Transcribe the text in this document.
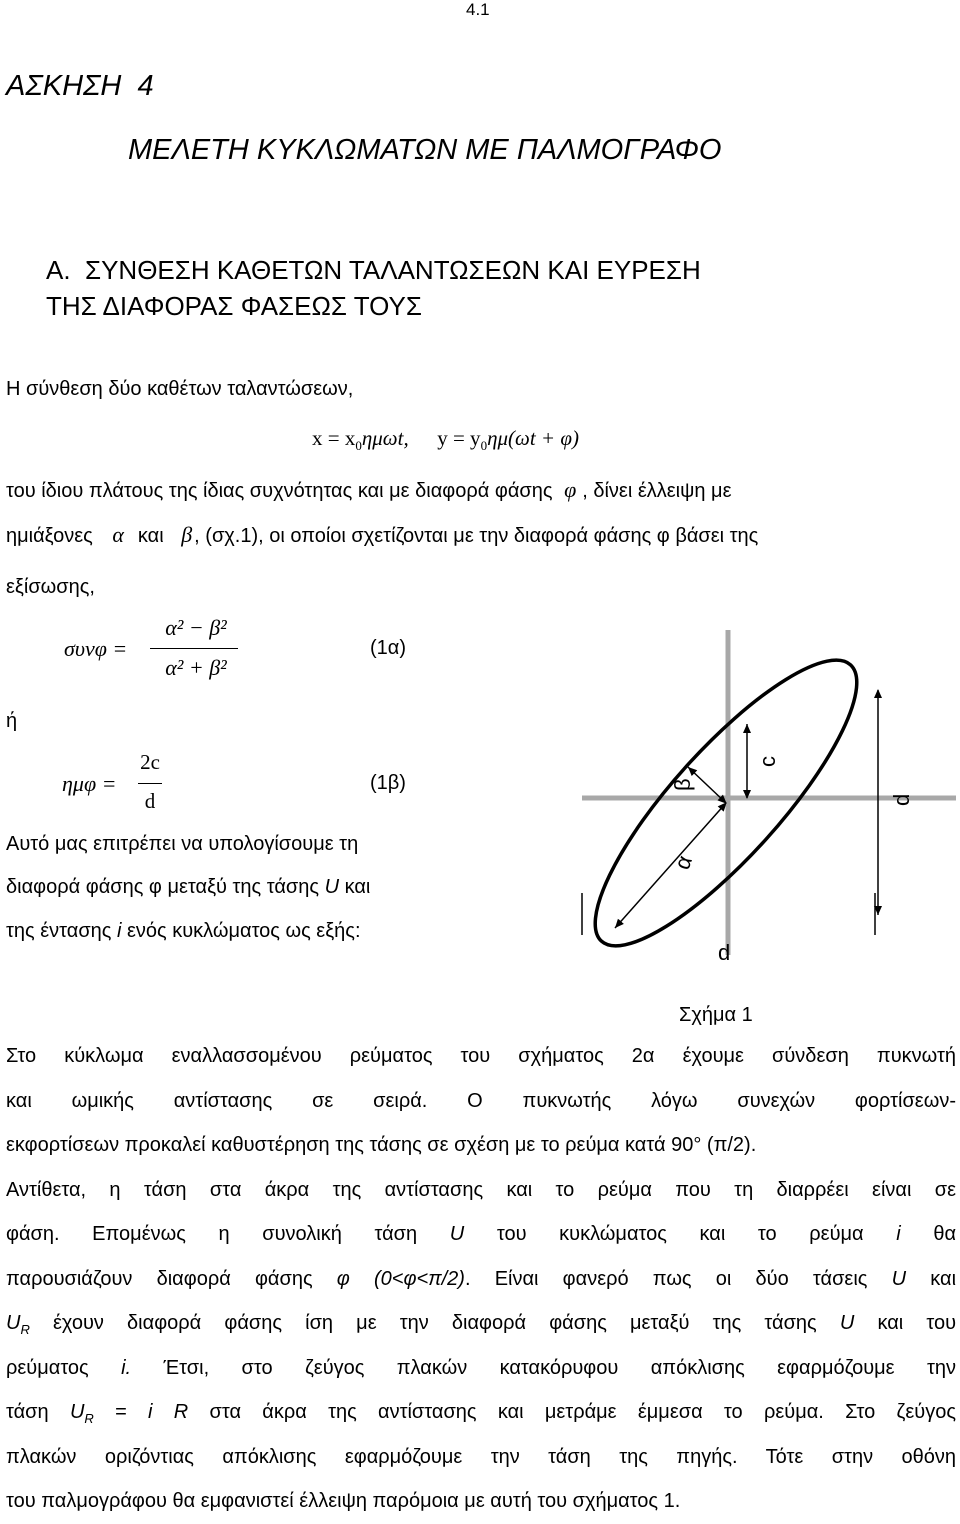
4.1
ΑΣΚΗΣΗ  4
ΜΕΛΕΤΗ ΚΥΚΛΩΜΑΤΩΝ ΜΕ ΠΑΛΜΟΓΡΑΦΟ
Α.  ΣΥΝΘΕΣΗ ΚΑΘΕΤΩΝ ΤΑΛΑΝΤΩΣΕΩΝ ΚΑΙ ΕΥΡΕΣΗ
ΤΗΣ ΔΙΑΦΟΡΑΣ ΦΑΣΕΩΣ ΤΟΥΣ
Η σύνθεση δύο καθέτων ταλαντώσεων,
$x = x_0\eta\mu\omega t$, $y = y_0\eta\mu(\omega t + \varphi)$
του ίδιου πλάτους της ίδιας συχνότητας και με διαφορά φάσης φ , δίνει έλλειψη με
ημιάξονες α και β , (σχ.1), οι οποίοι σχετίζονται με την διαφορά φάσης φ βάσει της
εξίσωσης,
συνφ =
α² − β²
α² + β²
(1α)
ή
ημφ =
2c
d
(1β)
Αυτό μας επιτρέπει να υπολογίσουμε τη
διαφορά φάσης φ μεταξύ της τάσης U και
της έντασης i ενός κυκλώματος ως εξής:
β
α
c
d
d
Σχήμα 1
Στο κύκλωμα εναλλασσομένου ρεύματος του σχήματος 2α έχουμε σύνδεση πυκνωτή
και ωμικής αντίστασης σε σειρά. Ο πυκνωτής λόγω συνεχών φορτίσεων-
εκφορτίσεων προκαλεί καθυστέρηση της τάσης σε σχέση με το ρεύμα κατά 90° (π/2).
Αντίθετα, η τάση στα άκρα της αντίστασης και το ρεύμα που τη διαρρέει είναι σε
φάση. Επομένως η συνολική τάση U του κυκλώματος και το ρεύμα i θα
παρουσιάζουν διαφορά φάσης φ (0<φ<π/2). Είναι φανερό πως οι δύο τάσεις U και
$U_R$ έχουν διαφορά φάσης ίση με την διαφορά φάσης μεταξύ της τάσης U και του
ρεύματος i. Έτσι, στο ζεύγος πλακών κατακόρυφου απόκλισης εφαρμόζουμε την
τάση $U_R = i$ R στα άκρα της αντίστασης και μετράμε έμμεσα το ρεύμα. Στο ζεύγος
πλακών οριζόντιας απόκλισης εφαρμόζουμε την τάση της πηγής. Τότε στην οθόνη
του παλμογράφου θα εμφανιστεί έλλειψη παρόμοια με αυτή του σχήματος 1.
